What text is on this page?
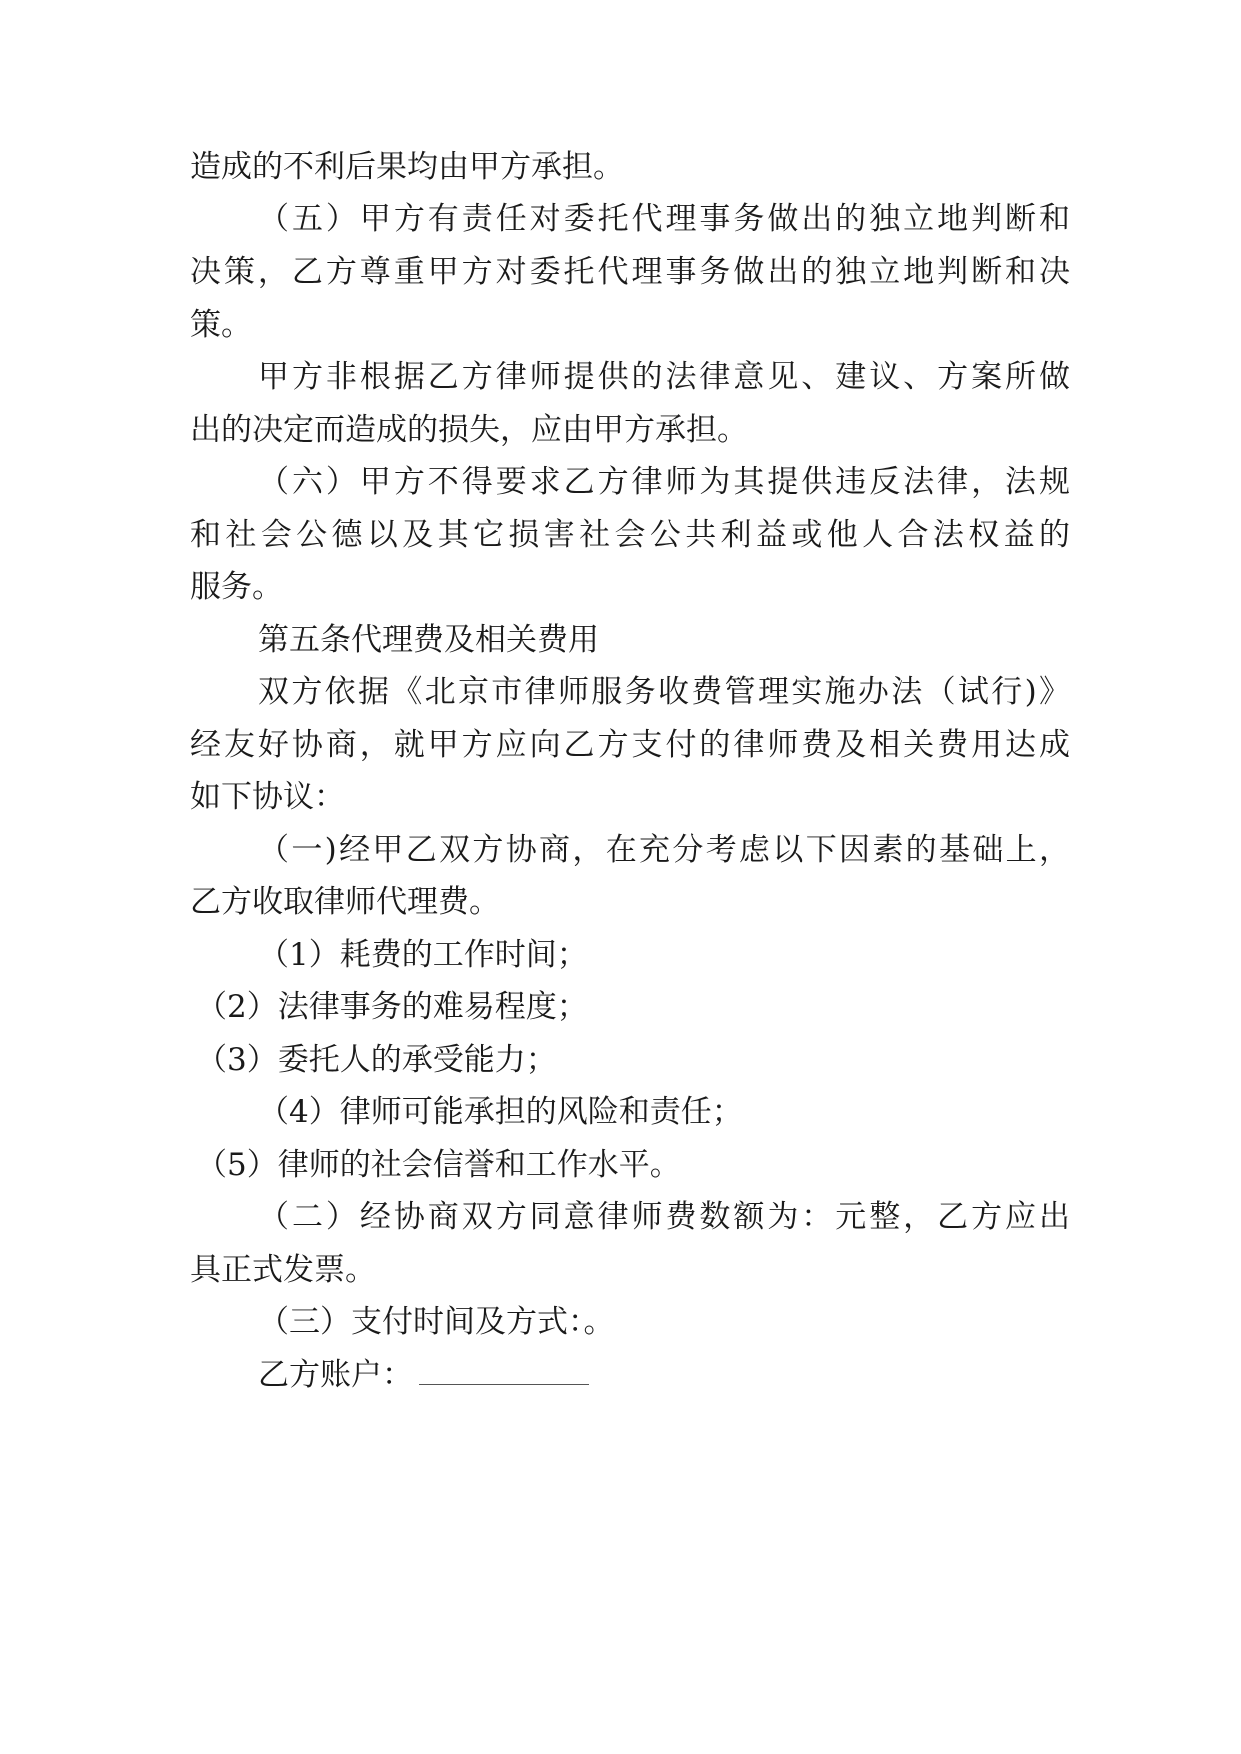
造成的不利后果均由甲方承担。
（五）甲方有责任对委托代理事务做出的独立地判断和
决策，乙方尊重甲方对委托代理事务做出的独立地判断和决
策。
甲方非根据乙方律师提供的法律意见、建议、方案所做
出的决定而造成的损失，应由甲方承担。
（六）甲方不得要求乙方律师为其提供违反法律，法规
和社会公德以及其它损害社会公共利益或他人合法权益的
服务。
第五条代理费及相关费用
双方依据《北京市律师服务收费管理实施办法（试行)》
经友好协商，就甲方应向乙方支付的律师费及相关费用达成
如下协议：
（一)经甲乙双方协商，在充分考虑以下因素的基础上，
乙方收取律师代理费。
（1）耗费的工作时间；
（2）法律事务的难易程度；
（3）委托人的承受能力；
（4）律师可能承担的风险和责任；
（5）律师的社会信誉和工作水平。
（二）经协商双方同意律师费数额为：元整，乙方应出
具正式发票。
（三）支付时间及方式：。
乙方账户：
